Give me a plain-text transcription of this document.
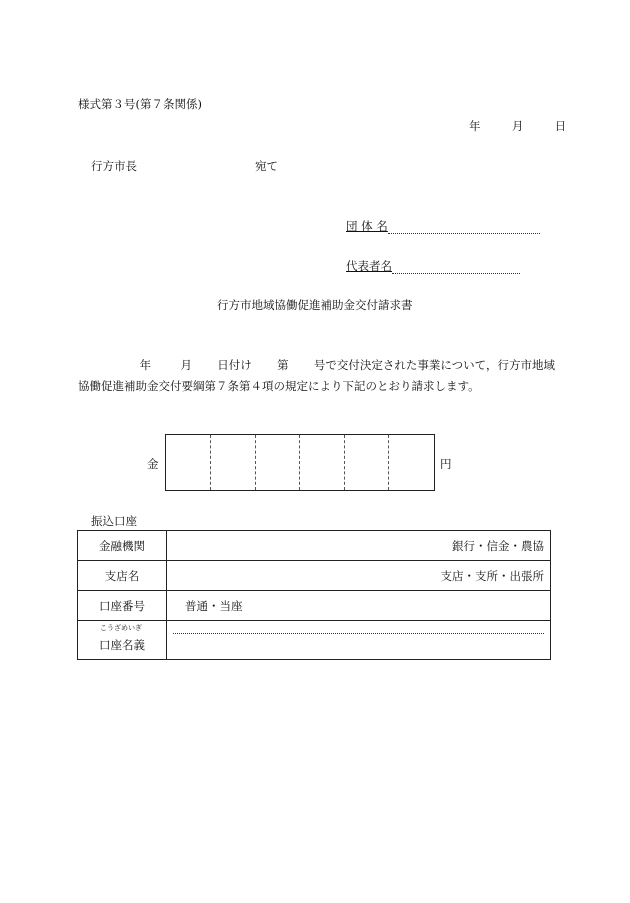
様式第３号(第７条関係)
年	月	日
行方市長	宛て
団 体 名
代表者名
行方市地域協働促進補助金交付請求書
年	月 日付け 第 号で交付決定された事業について，行方市地域
協働促進補助金交付要綱第７条第４項の規定により下記のとおり請求します。
金	円
振込口座
金融機関	銀行・信金・農協
支店名	支店・支所・出張所
口座番号	普通・当座

こうざめいぎ
口座名義	
